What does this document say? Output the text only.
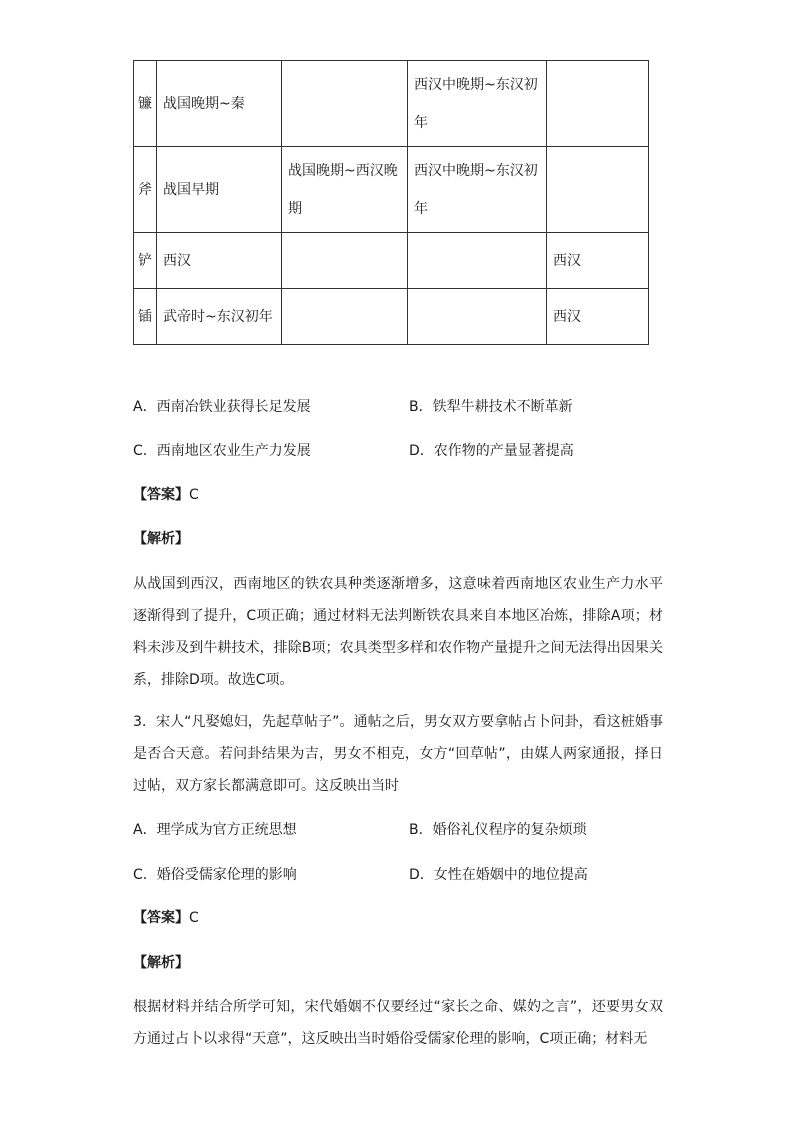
镰	战国晚期~秦		西汉中晚期~东汉初年	
斧	战国早期	战国晚期~西汉晚期	西汉中晚期~东汉初年	
铲	西汉			西汉
锸	武帝时~东汉初年			西汉
A．西南冶铁业获得长足发展	B．铁犁牛耕技术不断革新
C．西南地区农业生产力发展	D．农作物的产量显著提高
【答案】C
【解析】
从战国到西汉，西南地区的铁农具种类逐渐增多，这意味着西南地区农业生产力水平逐渐得到了提升，C项正确；通过材料无法判断铁农具来自本地区冶炼，排除A项；材料未涉及到牛耕技术，排除B项；农具类型多样和农作物产量提升之间无法得出因果关系，排除D项。故选C项。
3．宋人“凡娶媳妇，先起草帖子”。通帖之后，男女双方要拿帖占卜问卦，看这桩婚事是否合天意。若问卦结果为吉，男女不相克，女方“回草帖”，由媒人两家通报，择日过帖，双方家长都满意即可。这反映出当时
A．理学成为官方正统思想	B．婚俗礼仪程序的复杂烦琐
C．婚俗受儒家伦理的影响	D．女性在婚姻中的地位提高
【答案】C
【解析】
根据材料并结合所学可知，宋代婚姻不仅要经过“家长之命、媒妁之言”，还要男女双方通过占卜以求得“天意”，这反映出当时婚俗受儒家伦理的影响，C项正确；材料无
